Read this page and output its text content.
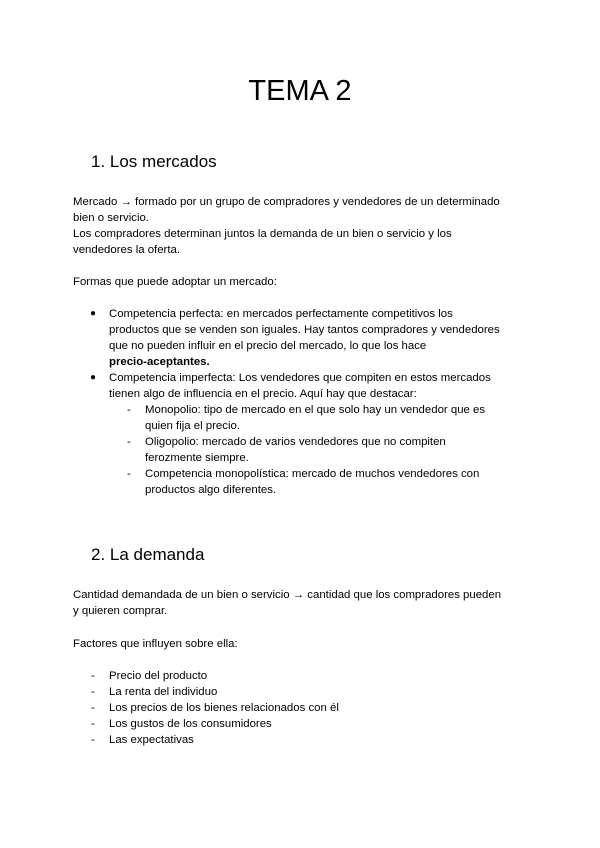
TEMA 2
1. Los mercados

Mercado → formado por un grupo de compradores y vendedores de un determinado
bien o servicio.
Los compradores determinan juntos la demanda de un bien o servicio y los
vendedores la oferta.

Formas que puede adoptar un mercado:

● Competencia perfecta: en mercados perfectamente competitivos los
productos que se venden son iguales. Hay tantos compradores y vendedores
que no pueden influir en el precio del mercado, lo que los hace
precio-aceptantes.
● Competencia imperfecta: Los vendedores que compiten en estos mercados
tienen algo de influencia en el precio. Aquí hay que destacar:
- Monopolio: tipo de mercado en el que solo hay un vendedor que es
quien fija el precio.
- Oligopolio: mercado de varios vendedores que no compiten
ferozmente siempre.
- Competencia monopolística: mercado de muchos vendedores con
productos algo diferentes.
2. La demanda

Cantidad demandada de un bien o servicio → cantidad que los compradores pueden
y quieren comprar.

Factores que influyen sobre ella:

- Precio del producto
- La renta del individuo
- Los precios de los bienes relacionados con él
- Los gustos de los consumidores
- Las expectativas
